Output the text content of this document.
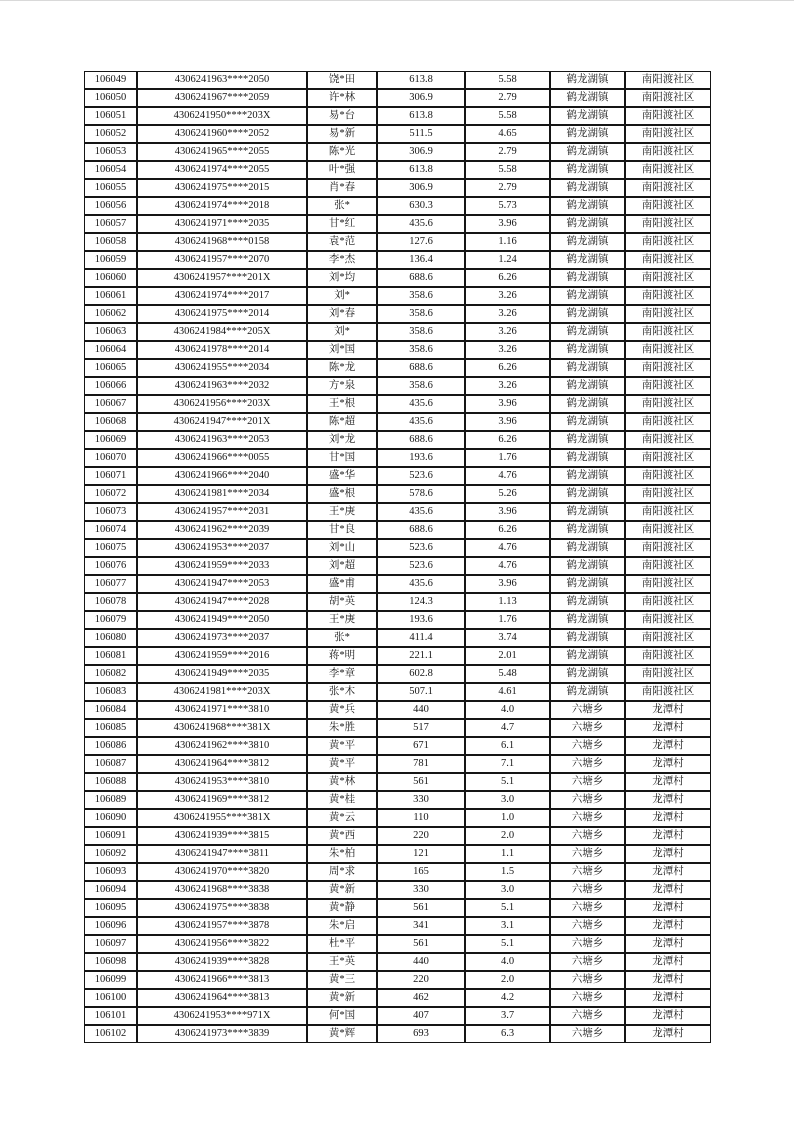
106049	4306241963****2050	饶*田	613.8	5.58	鹤龙湖镇	南阳渡社区
106050	4306241967****2059	许*林	306.9	2.79	鹤龙湖镇	南阳渡社区
106051	4306241950****203X	易*台	613.8	5.58	鹤龙湖镇	南阳渡社区
106052	4306241960****2052	易*新	511.5	4.65	鹤龙湖镇	南阳渡社区
106053	4306241965****2055	陈*光	306.9	2.79	鹤龙湖镇	南阳渡社区
106054	4306241974****2055	叶*强	613.8	5.58	鹤龙湖镇	南阳渡社区
106055	4306241975****2015	肖*春	306.9	2.79	鹤龙湖镇	南阳渡社区
106056	4306241974****2018	张*	630.3	5.73	鹤龙湖镇	南阳渡社区
106057	4306241971****2035	甘*红	435.6	3.96	鹤龙湖镇	南阳渡社区
106058	4306241968****0158	袁*范	127.6	1.16	鹤龙湖镇	南阳渡社区
106059	4306241957****2070	李*杰	136.4	1.24	鹤龙湖镇	南阳渡社区
106060	4306241957****201X	刘*均	688.6	6.26	鹤龙湖镇	南阳渡社区
106061	4306241974****2017	刘*	358.6	3.26	鹤龙湖镇	南阳渡社区
106062	4306241975****2014	刘*春	358.6	3.26	鹤龙湖镇	南阳渡社区
106063	4306241984****205X	刘*	358.6	3.26	鹤龙湖镇	南阳渡社区
106064	4306241978****2014	刘*国	358.6	3.26	鹤龙湖镇	南阳渡社区
106065	4306241955****2034	陈*龙	688.6	6.26	鹤龙湖镇	南阳渡社区
106066	4306241963****2032	方*泉	358.6	3.26	鹤龙湖镇	南阳渡社区
106067	4306241956****203X	王*根	435.6	3.96	鹤龙湖镇	南阳渡社区
106068	4306241947****201X	陈*超	435.6	3.96	鹤龙湖镇	南阳渡社区
106069	4306241963****2053	刘*龙	688.6	6.26	鹤龙湖镇	南阳渡社区
106070	4306241966****0055	甘*国	193.6	1.76	鹤龙湖镇	南阳渡社区
106071	4306241966****2040	盛*华	523.6	4.76	鹤龙湖镇	南阳渡社区
106072	4306241981****2034	盛*根	578.6	5.26	鹤龙湖镇	南阳渡社区
106073	4306241957****2031	王*庚	435.6	3.96	鹤龙湖镇	南阳渡社区
106074	4306241962****2039	甘*良	688.6	6.26	鹤龙湖镇	南阳渡社区
106075	4306241953****2037	刘*山	523.6	4.76	鹤龙湖镇	南阳渡社区
106076	4306241959****2033	刘*超	523.6	4.76	鹤龙湖镇	南阳渡社区
106077	4306241947****2053	盛*甫	435.6	3.96	鹤龙湖镇	南阳渡社区
106078	4306241947****2028	胡*英	124.3	1.13	鹤龙湖镇	南阳渡社区
106079	4306241949****2050	王*庚	193.6	1.76	鹤龙湖镇	南阳渡社区
106080	4306241973****2037	张*	411.4	3.74	鹤龙湖镇	南阳渡社区
106081	4306241959****2016	蒋*明	221.1	2.01	鹤龙湖镇	南阳渡社区
106082	4306241949****2035	李*章	602.8	5.48	鹤龙湖镇	南阳渡社区
106083	4306241981****203X	张*木	507.1	4.61	鹤龙湖镇	南阳渡社区
106084	4306241971****3810	黄*兵	440	4.0	六塘乡	龙潭村
106085	4306241968****381X	朱*胜	517	4.7	六塘乡	龙潭村
106086	4306241962****3810	黄*平	671	6.1	六塘乡	龙潭村
106087	4306241964****3812	黄*平	781	7.1	六塘乡	龙潭村
106088	4306241953****3810	黄*林	561	5.1	六塘乡	龙潭村
106089	4306241969****3812	黄*桂	330	3.0	六塘乡	龙潭村
106090	4306241955****381X	黄*云	110	1.0	六塘乡	龙潭村
106091	4306241939****3815	黄*西	220	2.0	六塘乡	龙潭村
106092	4306241947****3811	朱*柏	121	1.1	六塘乡	龙潭村
106093	4306241970****3820	周*求	165	1.5	六塘乡	龙潭村
106094	4306241968****3838	黄*新	330	3.0	六塘乡	龙潭村
106095	4306241975****3838	黄*静	561	5.1	六塘乡	龙潭村
106096	4306241957****3878	朱*启	341	3.1	六塘乡	龙潭村
106097	4306241956****3822	杜*平	561	5.1	六塘乡	龙潭村
106098	4306241939****3828	王*英	440	4.0	六塘乡	龙潭村
106099	4306241966****3813	黄*三	220	2.0	六塘乡	龙潭村
106100	4306241964****3813	黄*新	462	4.2	六塘乡	龙潭村
106101	4306241953****971X	何*国	407	3.7	六塘乡	龙潭村
106102	4306241973****3839	黄*辉	693	6.3	六塘乡	龙潭村
